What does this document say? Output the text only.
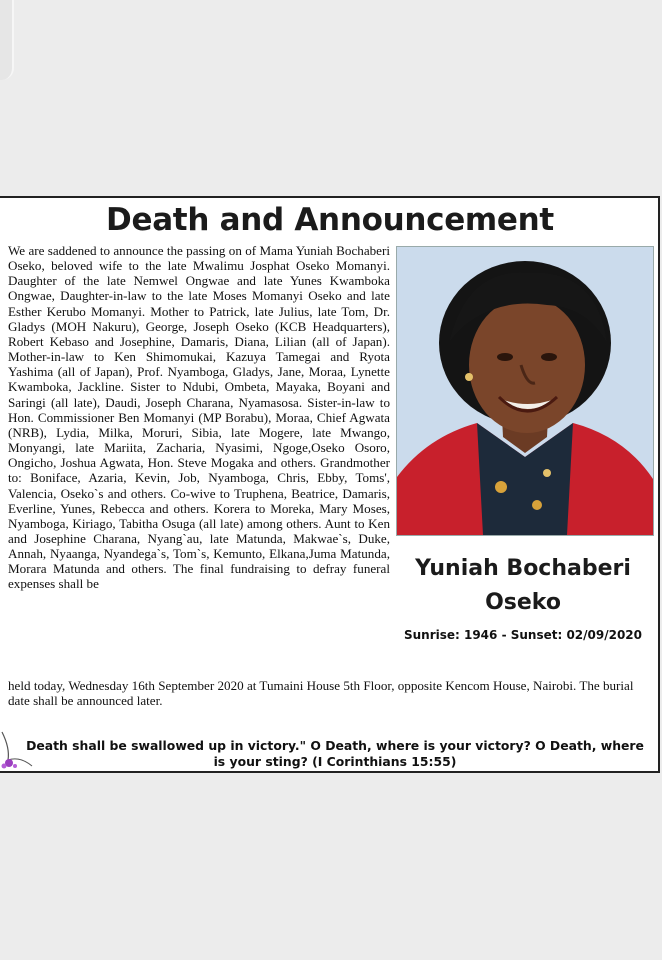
Death and Announcement
We are saddened to announce the passing on of Mama Yuniah Bochaberi Oseko, beloved wife to the late Mwalimu Josphat Oseko Momanyi. Daughter of the late Nemwel Ongwae and late Yunes Kwamboka Ongwae, Daughter-in-law to the late Moses Momanyi Oseko and late Esther Kerubo Momanyi. Mother to Patrick, late Julius, late Tom, Dr. Gladys (MOH Nakuru), George, Joseph Oseko (KCB Headquarters), Robert Kebaso and Josephine, Damaris, Diana, Lilian (all of Japan). Mother-in-law to Ken Shimomukai, Kazuya Tamegai and Ryota Yashima (all of Japan), Prof. Nyamboga, Gladys, Jane, Moraa, Lynette Kwamboka, Jackline. Sister to Ndubi, Ombeta, Mayaka, Boyani and Saringi (all late), Daudi, Joseph Charana, Nyamasosa. Sister-in-law to Hon. Commissioner Ben Momanyi (MP Borabu), Moraa, Chief Agwata (NRB), Lydia, Milka, Moruri, Sibia, late Mogere, late Mwango, Monyangi, late Mariita, Zacharia, Nyasimi, Ngoge,Oseko Osoro, Ongicho, Joshua Agwata, Hon. Steve Mogaka and others. Grandmother to: Boniface, Azaria, Kevin, Job, Nyamboga, Chris, Ebby, Toms', Valencia, Oseko`s and others. Co-wive to Truphena, Beatrice, Damaris, Everline, Yunes, Rebecca and others. Korera to Moreka, Mary Moses, Nyamboga, Kiriago, Tabitha Osuga (all late) among others. Aunt to Ken and Josephine Charana, Nyang`au, late Matunda, Makwae`s, Duke, Annah, Nyaanga, Nyandega`s, Tom`s, Kemunto, Elkana,Juma Matunda, Morara Matunda and others. The final fundraising to defray funeral expenses shall be
Yuniah Bochaberi
Oseko
Sunrise: 1946 - Sunset: 02/09/2020
held today, Wednesday 16th September 2020 at Tumaini House 5th Floor, opposite Kencom House, Nairobi. The burial date shall be announced later.
Death shall be swallowed up in victory." O Death, where is your victory? O Death, where is your sting? (I Corinthians 15:55)
